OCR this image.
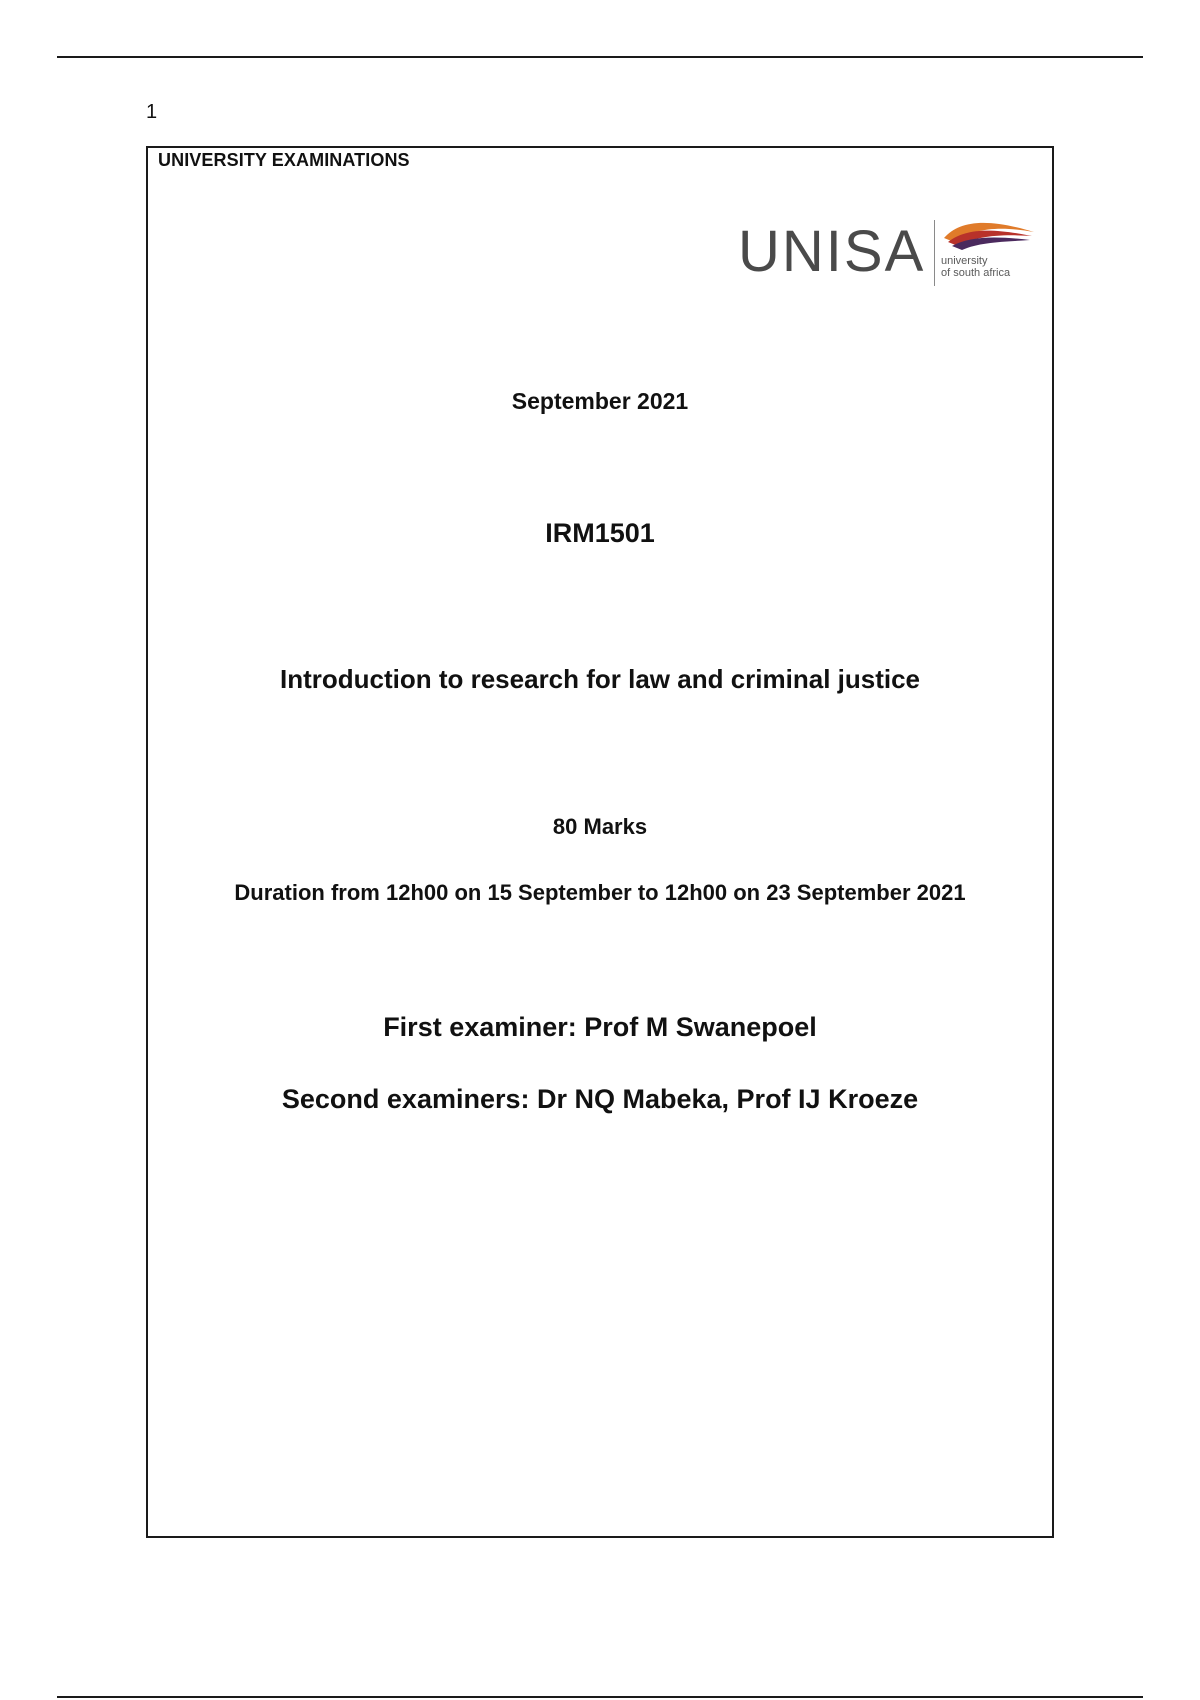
1
UNIVERSITY EXAMINATIONS
UNISA university
of south africa
September 2021
IRM1501
Introduction to research for law and criminal justice
80 Marks
Duration from 12h00 on 15 September to 12h00 on 23 September 2021
First examiner: Prof M Swanepoel
Second examiners: Dr NQ Mabeka, Prof IJ Kroeze
